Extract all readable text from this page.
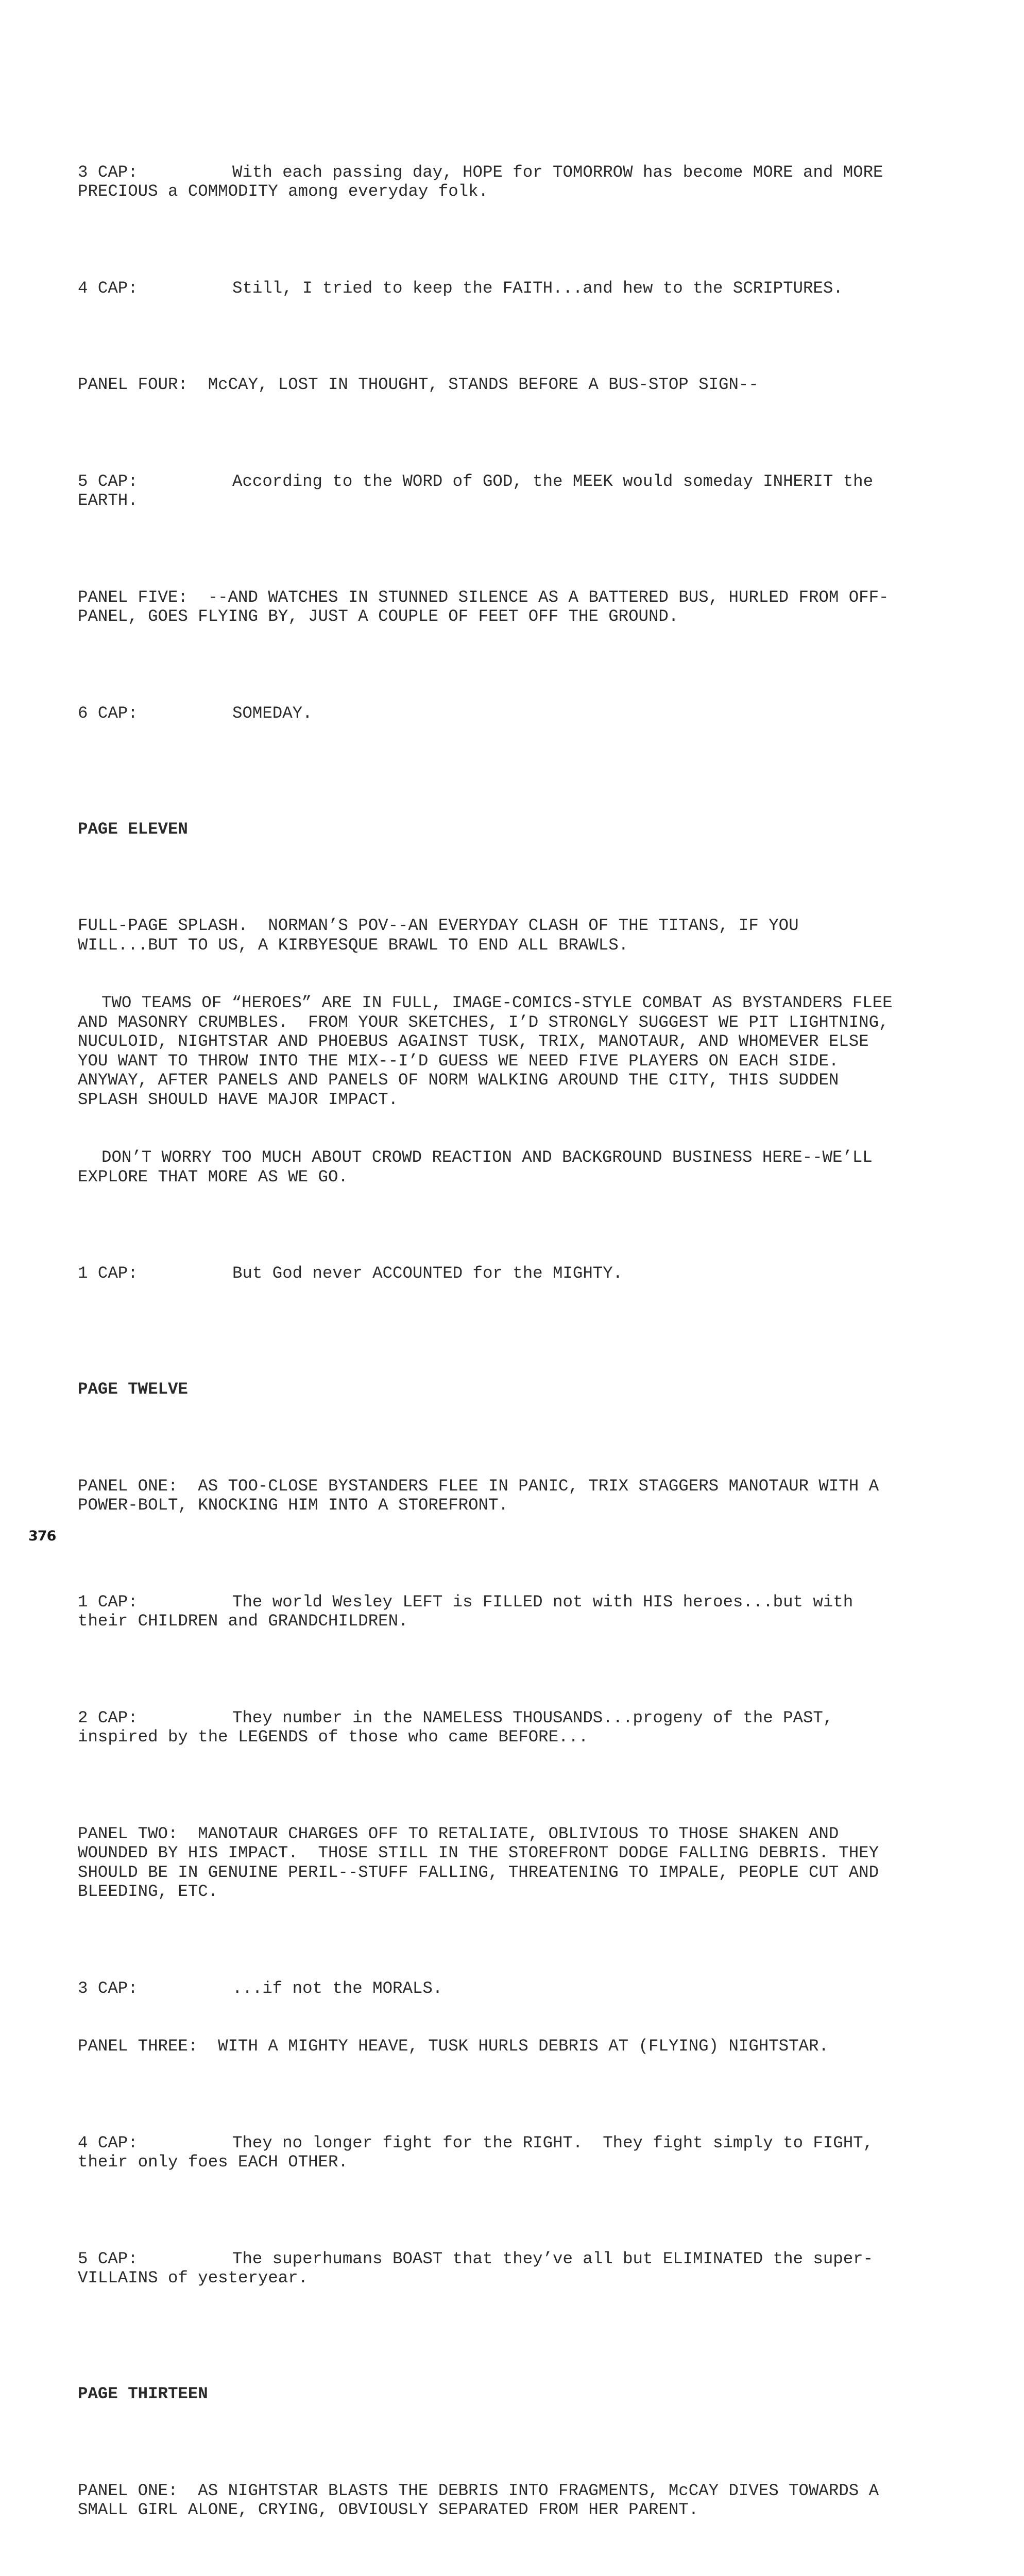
3 CAP:	With each passing day, HOPE for TOMORROW has become MORE and MORE PRECIOUS a COMMODITY among everyday folk.

4 CAP:	Still, I tried to keep the FAITH...and hew to the SCRIPTURES.

PANEL FOUR:  McCAY, LOST IN THOUGHT, STANDS BEFORE A BUS-STOP SIGN--

5 CAP:	According to the WORD of GOD, the MEEK would someday INHERIT the EARTH.

PANEL FIVE:  --AND WATCHES IN STUNNED SILENCE AS A BATTERED BUS, HURLED FROM OFF-PANEL, GOES FLYING BY, JUST A COUPLE OF FEET OFF THE GROUND.

6 CAP:	SOMEDAY.

PAGE ELEVEN

FULL-PAGE SPLASH.  NORMAN’S POV--AN EVERYDAY CLASH OF THE TITANS, IF YOU WILL...BUT TO US, A KIRBYESQUE BRAWL TO END ALL BRAWLS.

TWO TEAMS OF “HEROES” ARE IN FULL, IMAGE-COMICS-STYLE COMBAT AS BYSTANDERS FLEE AND MASONRY CRUMBLES.  FROM YOUR SKETCHES, I’D STRONGLY SUGGEST WE PIT LIGHTNING, NUCULOID, NIGHTSTAR AND PHOEBUS AGAINST TUSK, TRIX, MANOTAUR, AND WHOMEVER ELSE YOU WANT TO THROW INTO THE MIX--I’D GUESS WE NEED FIVE PLAYERS ON EACH SIDE.  ANYWAY, AFTER PANELS AND PANELS OF NORM WALKING AROUND THE CITY, THIS SUDDEN SPLASH SHOULD HAVE MAJOR IMPACT.

DON’T WORRY TOO MUCH ABOUT CROWD REACTION AND BACKGROUND BUSINESS HERE--WE’LL EXPLORE THAT MORE AS WE GO.

1 CAP:	But God never ACCOUNTED for the MIGHTY.

PAGE TWELVE

PANEL ONE:  AS TOO-CLOSE BYSTANDERS FLEE IN PANIC, TRIX STAGGERS MANOTAUR WITH A POWER-BOLT, KNOCKING HIM INTO A STOREFRONT.

1 CAP:	The world Wesley LEFT is FILLED not with HIS heroes...but with their CHILDREN and GRANDCHILDREN.

2 CAP:	They number in the NAMELESS THOUSANDS...progeny of the PAST, inspired by the LEGENDS of those who came BEFORE...

PANEL TWO:  MANOTAUR CHARGES OFF TO RETALIATE, OBLIVIOUS TO THOSE SHAKEN AND WOUNDED BY HIS IMPACT.  THOSE STILL IN THE STOREFRONT DODGE FALLING DEBRIS. THEY SHOULD BE IN GENUINE PERIL--STUFF FALLING, THREATENING TO IMPALE, PEOPLE CUT AND BLEEDING, ETC.

3 CAP:	...if not the MORALS.

PANEL THREE:  WITH A MIGHTY HEAVE, TUSK HURLS DEBRIS AT (FLYING) NIGHTSTAR.

4 CAP:	They no longer fight for the RIGHT.  They fight simply to FIGHT, their only foes EACH OTHER.

5 CAP:	The superhumans BOAST that they’ve all but ELIMINATED the super-VILLAINS of yesteryear.

PAGE THIRTEEN

PANEL ONE:  AS NIGHTSTAR BLASTS THE DEBRIS INTO FRAGMENTS, McCAY DIVES TOWARDS A SMALL GIRL ALONE, CRYING, OBVIOUSLY SEPARATED FROM HER PARENT.

376
